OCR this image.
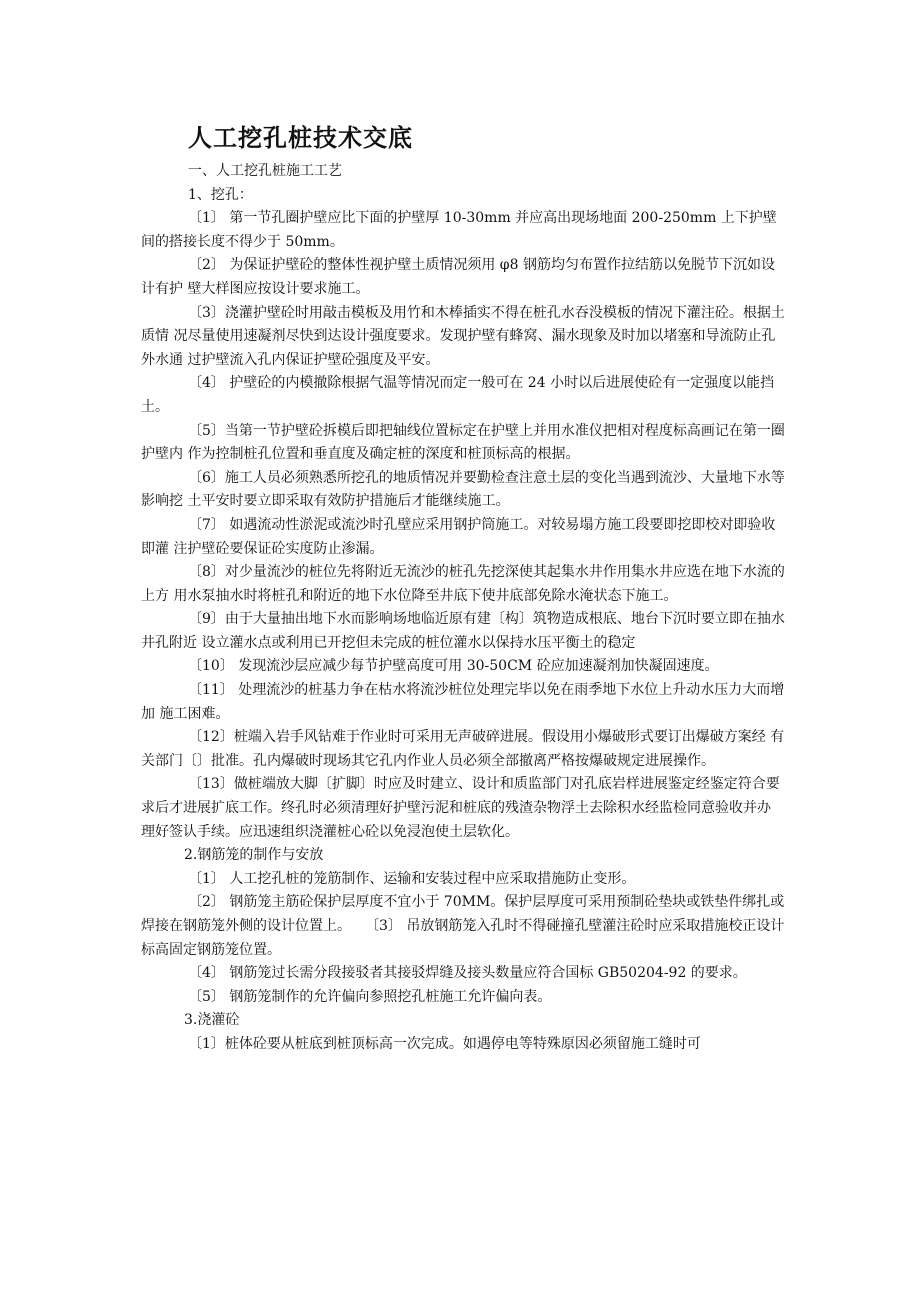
人工挖孔桩技术交底

一、人工挖孔桩施工工艺

1、挖孔：

〔1〕 第一节孔圈护壁应比下面的护壁厚 10-30mm 并应高出现场地面 200-250mm 上下护壁间的搭接长度不得少于 50mm。

〔2〕 为保证护壁砼的整体性视护壁土质情况须用 φ8 钢筋均匀布置作拉结筋以免脱节下沉如设计有护 壁大样图应按设计要求施工。

〔3〕浇灌护壁砼时用敲击模板及用竹和木棒插实不得在桩孔水吞没模板的情况下灌注砼。根据土质情 况尽量使用速凝剂尽快到达设计强度要求。发现护壁有蜂窝、漏水现象及时加以堵塞和导流防止孔外水通 过护壁流入孔内保证护壁砼强度及平安。

〔4〕 护壁砼的内模撤除根据气温等情况而定一般可在 24 小时以后进展使砼有一定强度以能挡土。

〔5〕当第一节护壁砼拆模后即把轴线位置标定在护壁上并用水准仪把相对程度标高画记在第一圈护壁内 作为控制桩孔位置和垂直度及确定桩的深度和桩顶标高的根据。

〔6〕施工人员必须熟悉所挖孔的地质情况并要勤检查注意土层的变化当遇到流沙、大量地下水等影响挖 土平安时要立即采取有效防护措施后才能继续施工。

〔7〕 如遇流动性淤泥或流沙时孔壁应采用钢护筒施工。对较易塌方施工段要即挖即校对即验收即灌 注护壁砼要保证砼实度防止渗漏。

〔8〕对少量流沙的桩位先将附近无流沙的桩孔先挖深使其起集水井作用集水井应选在地下水流的上方 用水泵抽水时将桩孔和附近的地下水位降至井底下使井底部免除水淹状态下施工。

〔9〕由于大量抽出地下水而影响场地临近原有建〔构〕筑物造成根底、地台下沉时要立即在抽水井孔附近 设立灌水点或利用已开挖但未完成的桩位灌水以保持水压平衡土的稳定

〔10〕 发现流沙层应减少每节护壁高度可用 30-50CM 砼应加速凝剂加快凝固速度。

〔11〕 处理流沙的桩基力争在枯水将流沙桩位处理完毕以免在雨季地下水位上升动水压力大而增加 施工困难。

〔12〕桩端入岩手风钻难于作业时可采用无声破碎进展。假设用小爆破形式要订出爆破方案经 有关部门〔〕批准。孔内爆破时现场其它孔内作业人员必须全部撤离严格按爆破规定进展操作。

〔13〕做桩端放大脚〔扩脚〕时应及时建立、设计和质监部门对孔底岩样进展鉴定经鉴定符合要 求后才进展扩底工作。终孔时必须清理好护壁污泥和桩底的残渣杂物浮土去除积水经监检同意验收并办 理好签认手续。应迅速组织浇灌桩心砼以免浸泡使土层软化。

2.钢筋笼的制作与安放

〔1〕 人工挖孔桩的笼筋制作、运输和安装过程中应采取措施防止变形。

〔2〕 钢筋笼主筋砼保护层厚度不宜小于 70MM。保护层厚度可采用预制砼垫块或铁垫件绑扎或焊接在钢筋笼外侧的设计位置上。　　〔3〕 吊放钢筋笼入孔时不得碰撞孔壁灌注砼时应采取措施校正设计标高固定钢筋笼位置。

〔4〕 钢筋笼过长需分段接驳者其接驳焊缝及接头数量应符合国标 GB50204-92 的要求。

〔5〕 钢筋笼制作的允许偏向参照挖孔桩施工允许偏向表。

3.浇灌砼

〔1〕桩体砼要从桩底到桩顶标高一次完成。如遇停电等特殊原因必须留施工缝时可
